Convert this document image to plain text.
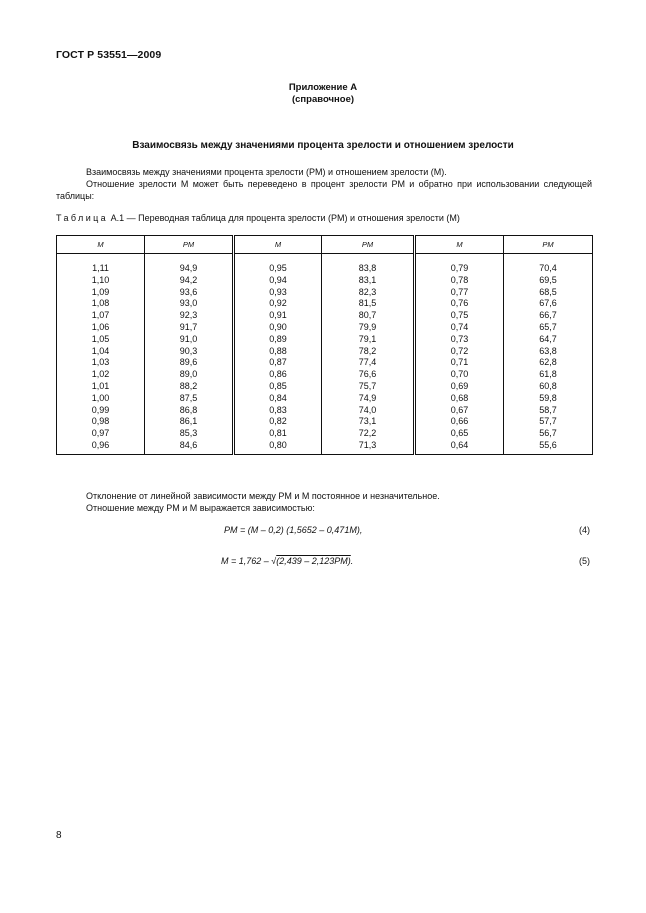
ГОСТ Р 53551—2009
Приложение А
(справочное)
Взаимосвязь между значениями процента зрелости и отношением зрелости
Взаимосвязь между значениями процента зрелости (PM) и отношением зрелости (M).
Отношение зрелости M может быть переведено в процент зрелости PM и обратно при использовании следующей таблицы:
Таблица А.1 — Переводная таблица для процента зрелости (PM) и отношения зрелости (M)
M	PM	M	PM	M	PM

1,11	94,9	0,95	83,8	0,79	70,4
1,10	94,2	0,94	83,1	0,78	69,5
1,09	93,6	0,93	82,3	0,77	68,5
1,08	93,0	0,92	81,5	0,76	67,6
1,07	92,3	0,91	80,7	0,75	66,7
1,06	91,7	0,90	79,9	0,74	65,7
1,05	91,0	0,89	79,1	0,73	64,7
1,04	90,3	0,88	78,2	0,72	63,8
1,03	89,6	0,87	77,4	0,71	62,8
1,02	89,0	0,86	76,6	0,70	61,8
1,01	88,2	0,85	75,7	0,69	60,8
1,00	87,5	0,84	74,9	0,68	59,8
0,99	86,8	0,83	74,0	0,67	58,7
0,98	86,1	0,82	73,1	0,66	57,7
0,97	85,3	0,81	72,2	0,65	56,7
0,96	84,6	0,80	71,3	0,64	55,6
Отклонение от линейной зависимости между PM и M постоянное и незначительное.
Отношение между PM и M выражается зависимостью:
PM = (M – 0,2) (1,5652 – 0,471M),	(4)
M = 1,762 – √(2,439 – 2,123PM).	(5)
8
